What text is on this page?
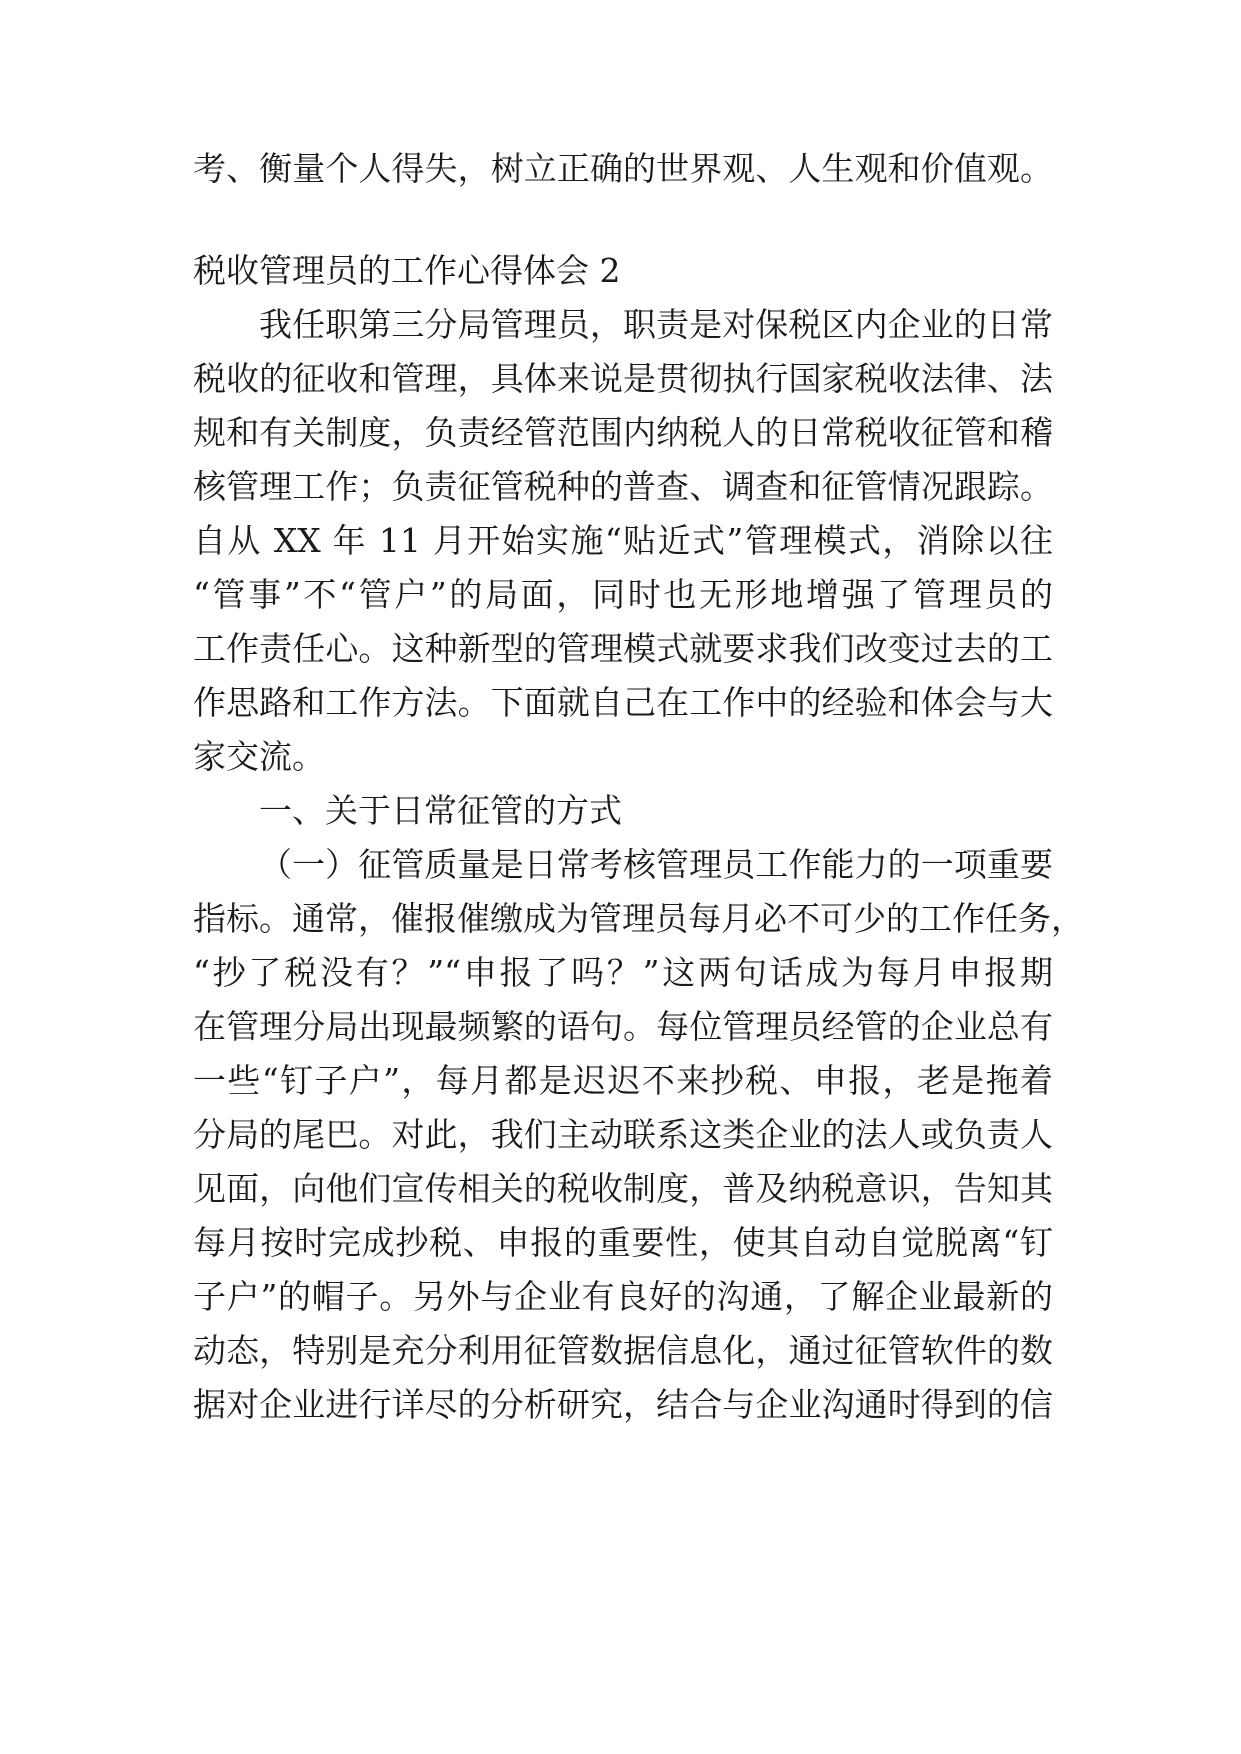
考、衡量个人得失，树立正确的世界观、人生观和价值观。
税收管理员的工作心得体会 2
我任职第三分局管理员，职责是对保税区内企业的日常
税收的征收和管理，具体来说是贯彻执行国家税收法律、法
规和有关制度，负责经管范围内纳税人的日常税收征管和稽
核管理工作；负责征管税种的普查、调查和征管情况跟踪。
自从 XX 年 11 月开始实施“贴近式”管理模式，消除以往
“管事”不“管户”的局面，同时也无形地增强了管理员的
工作责任心。这种新型的管理模式就要求我们改变过去的工
作思路和工作方法。下面就自己在工作中的经验和体会与大
家交流。
一、关于日常征管的方式
（一）征管质量是日常考核管理员工作能力的一项重要
指标。通常，催报催缴成为管理员每月必不可少的工作任务，
“抄了税没有？”“申报了吗？”这两句话成为每月申报期
在管理分局出现最频繁的语句。每位管理员经管的企业总有
一些“钉子户”，每月都是迟迟不来抄税、申报，老是拖着
分局的尾巴。对此，我们主动联系这类企业的法人或负责人
见面，向他们宣传相关的税收制度，普及纳税意识，告知其
每月按时完成抄税、申报的重要性，使其自动自觉脱离“钉
子户”的帽子。另外与企业有良好的沟通，了解企业最新的
动态，特别是充分利用征管数据信息化，通过征管软件的数
据对企业进行详尽的分析研究，结合与企业沟通时得到的信
